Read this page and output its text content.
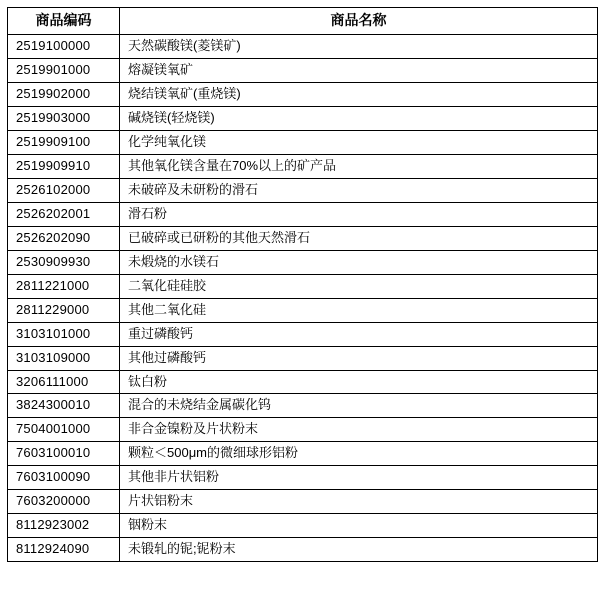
商品编码	商品名称
2519100000	天然碳酸镁(菱镁矿)
2519901000	熔凝镁氧矿
2519902000	烧结镁氧矿(重烧镁)
2519903000	碱烧镁(轻烧镁)
2519909100	化学纯氧化镁
2519909910	其他氧化镁含量在70%以上的矿产品
2526102000	未破碎及未研粉的滑石
2526202001	滑石粉
2526202090	已破碎或已研粉的其他天然滑石
2530909930	未煅烧的水镁石
2811221000	二氧化硅硅胶
2811229000	其他二氧化硅
3103101000	重过磷酸钙
3103109000	其他过磷酸钙
3206111000	钛白粉
3824300010	混合的未烧结金属碳化钨
7504001000	非合金镍粉及片状粉末
7603100010	颗粒＜500μm的微细球形铝粉
7603100090	其他非片状铝粉
7603200000	片状铝粉末
8112923002	铟粉末
8112924090	未锻轧的铌;铌粉末
